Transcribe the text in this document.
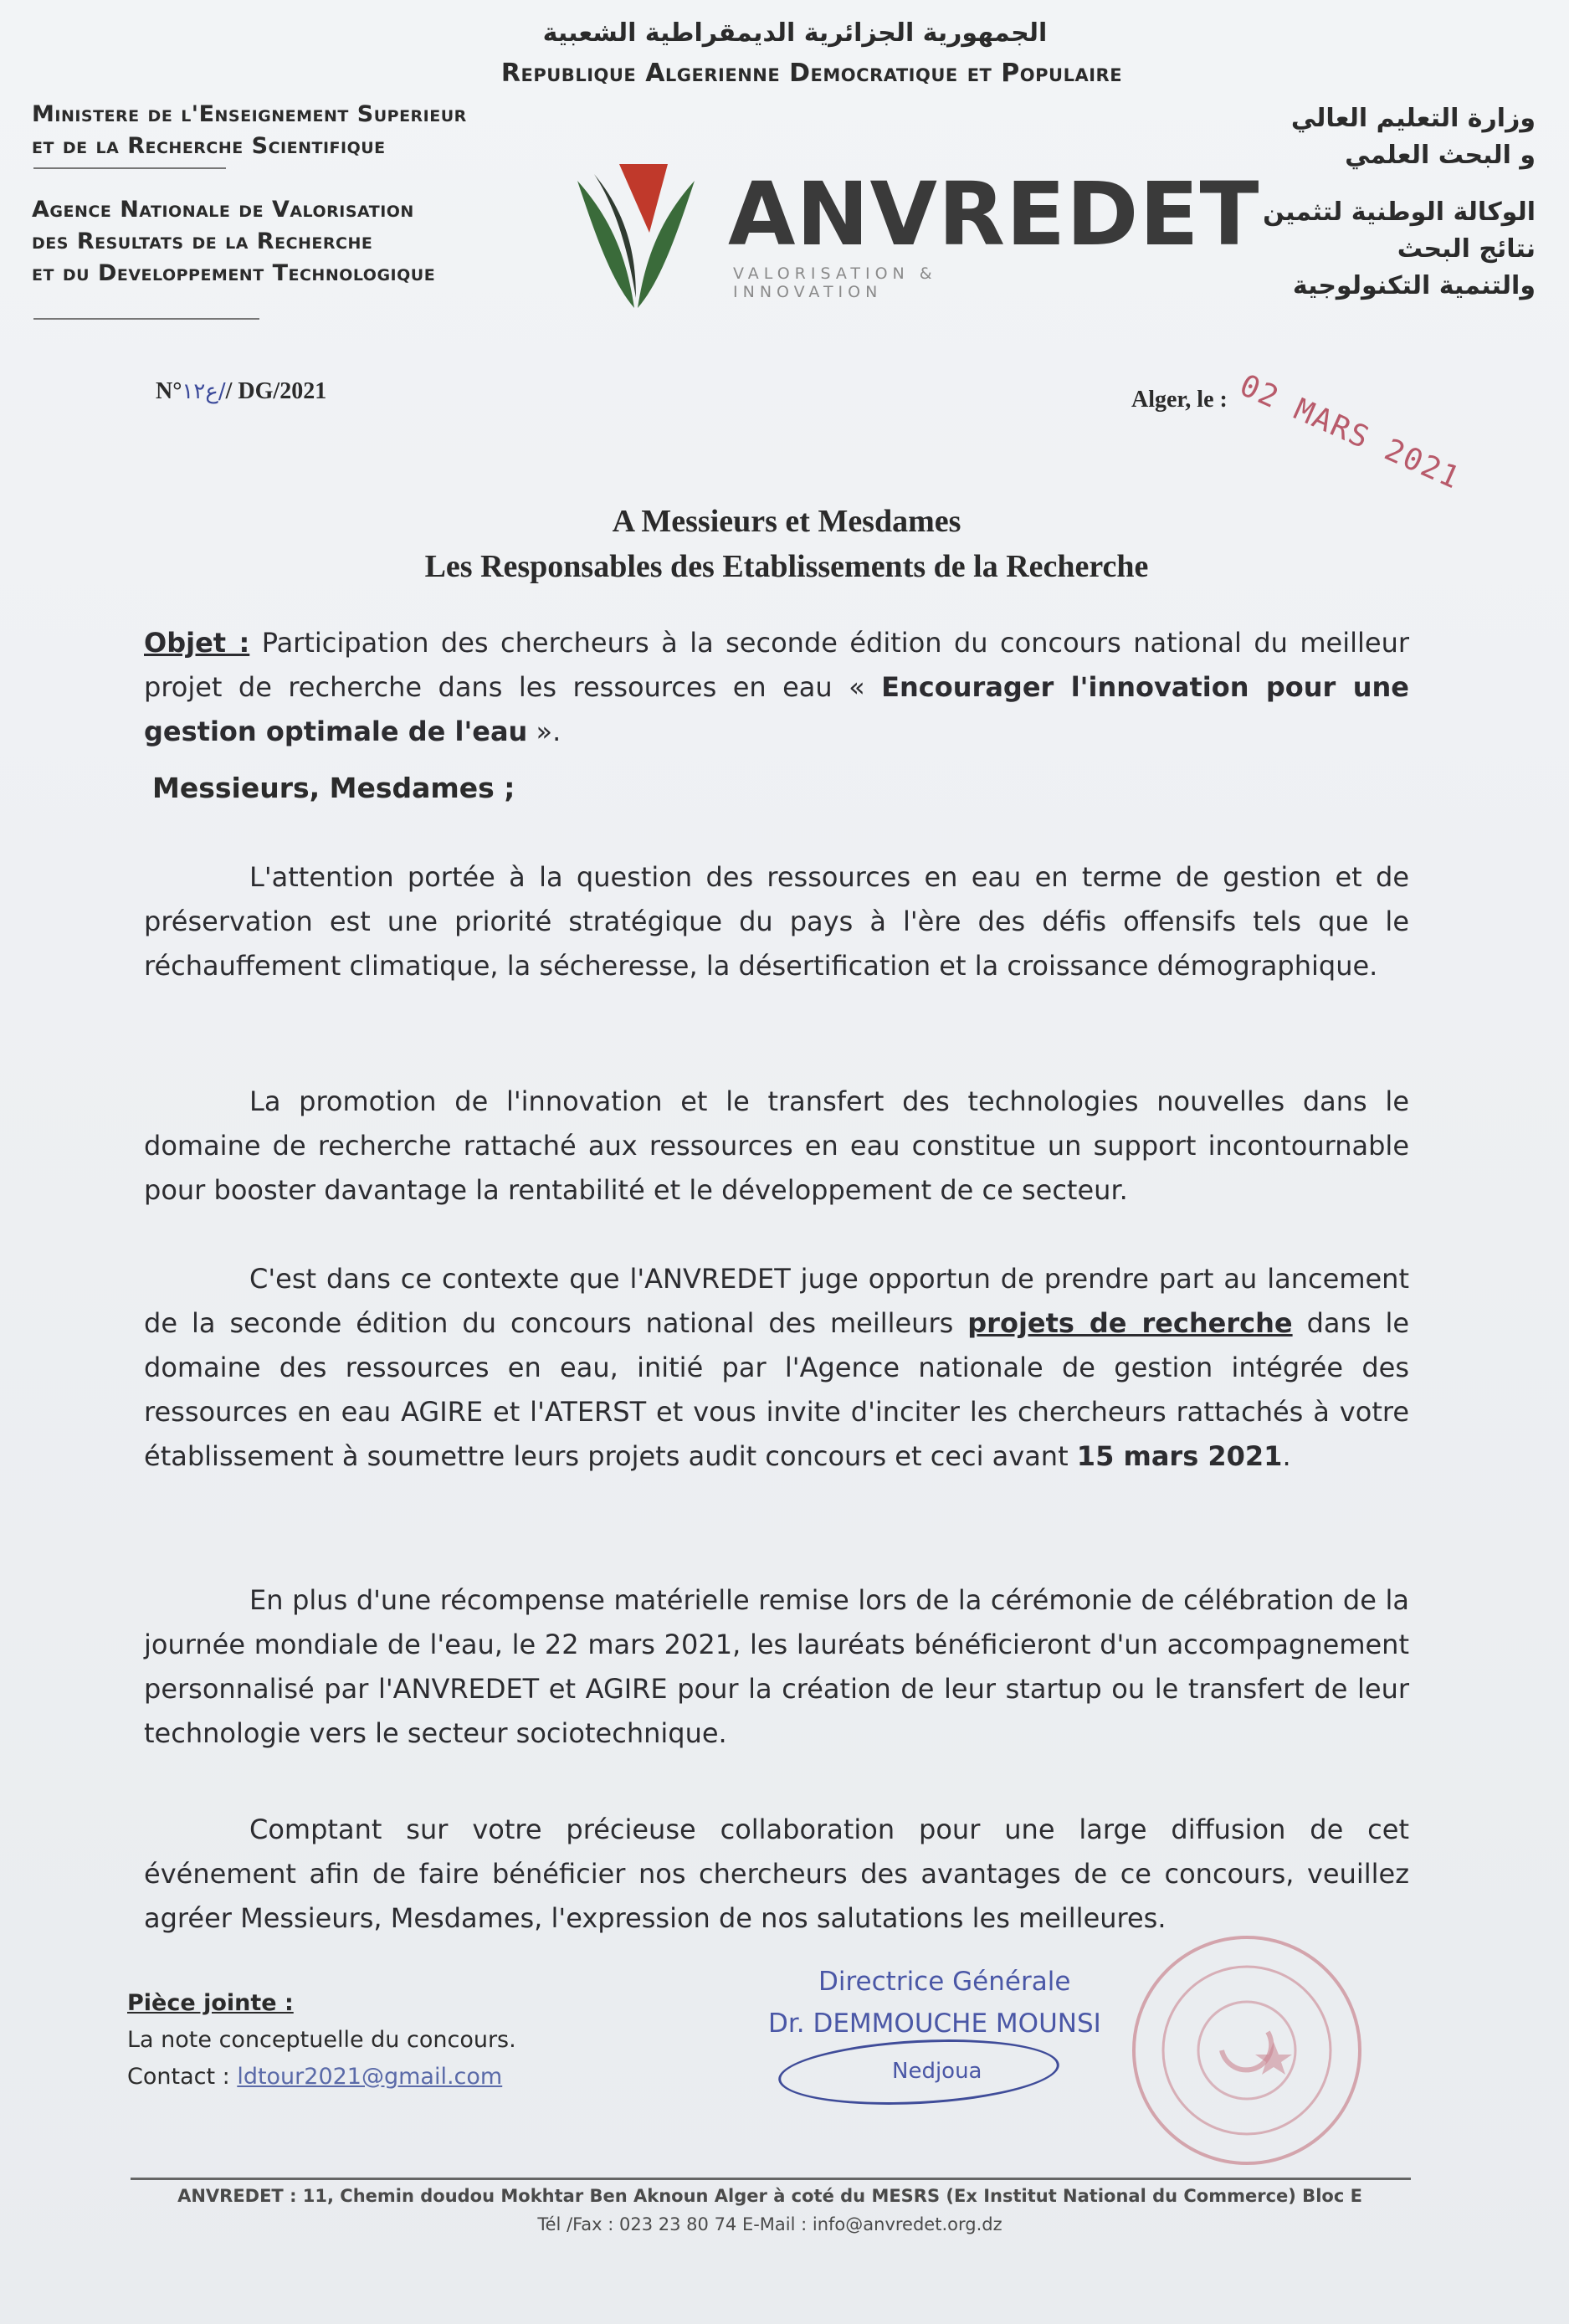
الجمهورية الجزائرية الديمقراطية الشعبية
Republique Algerienne Democratique et Populaire
Ministere de l'Enseignement Superieur
et de la Recherche Scientifique
Agence Nationale de Valorisation
des Resultats de la Recherche
et du Developpement Technologique
وزارة التعليم العالي
و البحث العلمي
الوكالة الوطنية لتثمين
نتائج البحث
والتنمية التكنولوجية
ANVREDET
VALORISATION & INNOVATION
N°ع١٢// DG/2021	Alger, le : 02 MARS 2021
A Messieurs et Mesdames
Les Responsables des Etablissements de la Recherche
Objet : Participation des chercheurs à la seconde édition du concours national du meilleur projet de recherche dans les ressources en eau « Encourager l'innovation pour une gestion optimale de l'eau ».
Messieurs, Mesdames ;
L'attention portée à la question des ressources en eau en terme de gestion et de préservation est une priorité stratégique du pays à l'ère des défis offensifs tels que le réchauffement climatique, la sécheresse, la désertification et la croissance démographique.
La promotion de l'innovation et le transfert des technologies nouvelles dans le domaine de recherche rattaché aux ressources en eau constitue un support incontournable pour booster davantage la rentabilité et le développement de ce secteur.
C'est dans ce contexte que l'ANVREDET juge opportun de prendre part au lancement de la seconde édition du concours national des meilleurs projets de recherche dans le domaine des ressources en eau, initié par l'Agence nationale de gestion intégrée des ressources en eau AGIRE et l'ATERST et vous invite d'inciter les chercheurs rattachés à votre établissement à soumettre leurs projets audit concours et ceci avant 15 mars 2021.
En plus d'une récompense matérielle remise lors de la cérémonie de célébration de la journée mondiale de l'eau, le 22 mars 2021, les lauréats bénéficieront d'un accompagnement personnalisé par l'ANVREDET et AGIRE pour la création de leur startup ou le transfert de leur technologie vers le secteur sociotechnique.
Comptant sur votre précieuse collaboration pour une large diffusion de cet événement afin de faire bénéficier nos chercheurs des avantages de ce concours, veuillez agréer Messieurs, Mesdames, l'expression de nos salutations les meilleures.
Pièce jointe :
La note conceptuelle du concours.
Contact : ldtour2021@gmail.com
Directrice Générale
Dr. DEMMOUCHE MOUNSI
Nedjoua
ANVREDET : 11, Chemin doudou Mokhtar Ben Aknoun Alger à coté du MESRS (Ex Institut National du Commerce) Bloc E
Tél /Fax : 023 23 80 74 E-Mail : info@anvredet.org.dz
